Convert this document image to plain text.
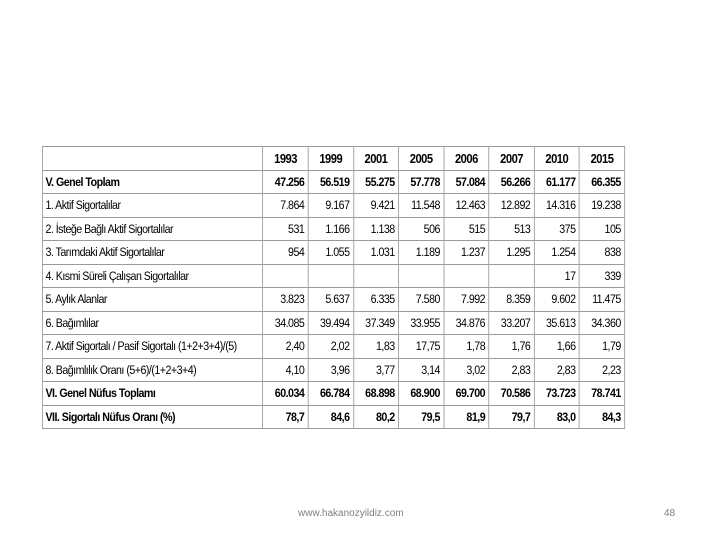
	1993	1999	2001	2005	2006	2007	2010	2015
V. Genel Toplam	47.256	56.519	55.275	57.778	57.084	56.266	61.177	66.355
1. Aktif Sigortalılar	7.864	9.167	9.421	11.548	12.463	12.892	14.316	19.238
2. İsteğe Bağlı Aktif Sigortalılar	531	1.166	1.138	506	515	513	375	105
3. Tarımdaki Aktif Sigortalılar	954	1.055	1.031	1.189	1.237	1.295	1.254	838
4. Kısmi Süreli Çalışan Sigortalılar							17	339
5. Aylık Alanlar	3.823	5.637	6.335	7.580	7.992	8.359	9.602	11.475
6. Bağımlılar	34.085	39.494	37.349	33.955	34.876	33.207	35.613	34.360
7. Aktif Sigortalı / Pasif Sigortalı (1+2+3+4)/(5)	2,40	2,02	1,83	17,75	1,78	1,76	1,66	1,79
8. Bağımlılık Oranı (5+6)/(1+2+3+4)	4,10	3,96	3,77	3,14	3,02	2,83	2,83	2,23
VI. Genel Nüfus Toplamı	60.034	66.784	68.898	68.900	69.700	70.586	73.723	78.741
VII. Sigortalı Nüfus Oranı (%)	78,7	84,6	80,2	79,5	81,9	79,7	83,0	84,3
www.hakanozyildiz.com	48
